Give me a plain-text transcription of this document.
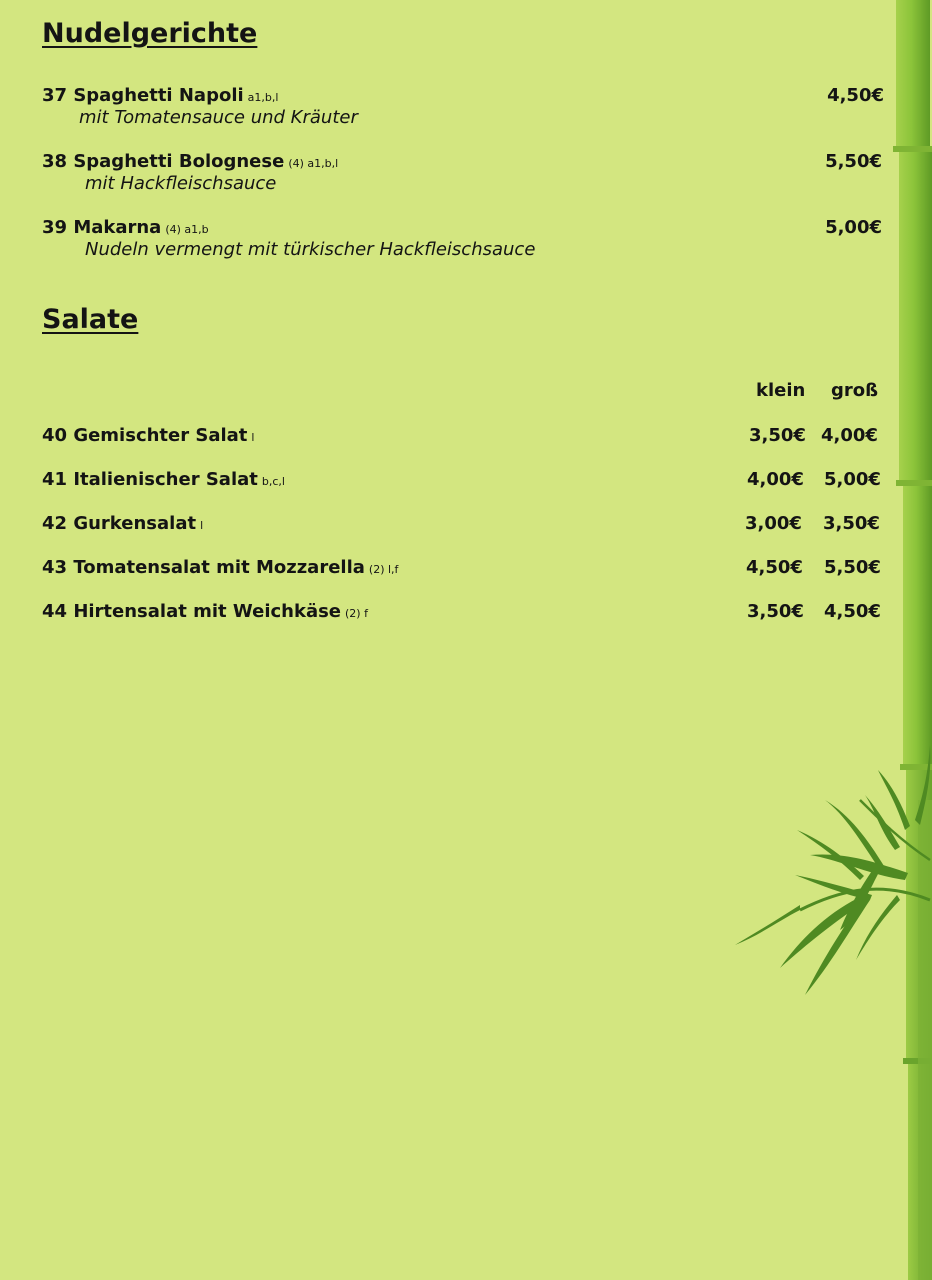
Nudelgerichte
37 Spaghetti Napoli a1,b,l	4,50€
mit Tomatensauce und Kräuter
38 Spaghetti Bolognese (4) a1,b,l	5,50€
mit Hackfleischsauce
39 Makarna (4) a1,b	5,00€
Nudeln vermengt mit türkischer Hackfleischsauce
Salate
klein groß
40 Gemischter Salat l	3,50€ 4,00€
41 Italienischer Salat b,c,l	4,00€ 5,00€
42 Gurkensalat l	3,00€ 3,50€
43 Tomatensalat mit Mozzarella (2) l,f	4,50€ 5,50€
44 Hirtensalat mit Weichkäse (2) f	3,50€ 4,50€
